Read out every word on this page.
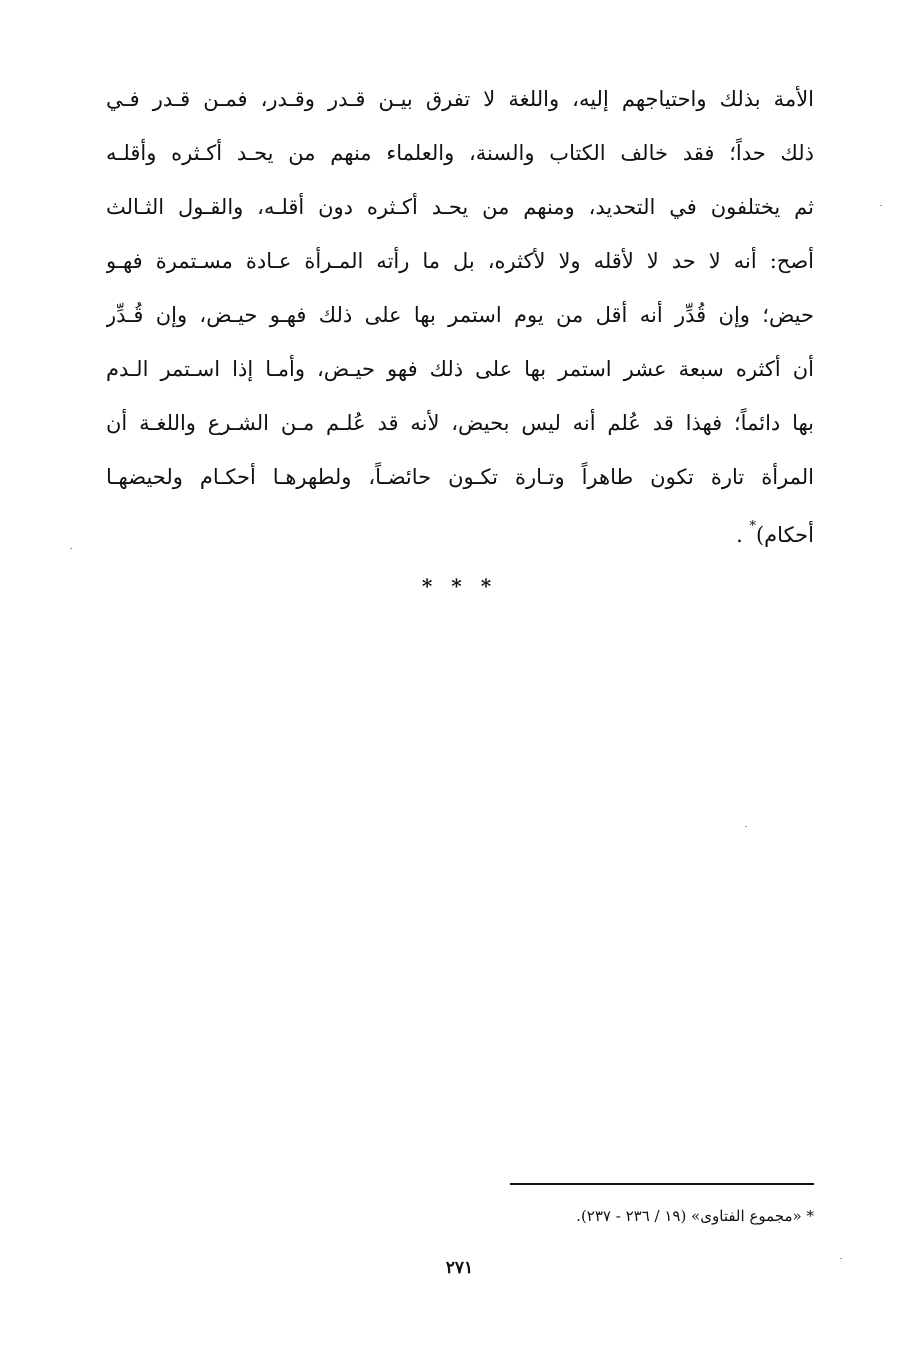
الأمة بذلك واحتياجهم إليه، واللغة لا تفرق بيـن قـدر وقـدر، فمـن قـدر فـي
ذلك حداً؛ فقد خالف الكتاب والسنة، والعلماء منهم من يحـد أكـثره وأقلـه
ثم يختلفون في التحديد، ومنهم من يحـد أكـثره دون أقلـه، والقـول الثـالث
أصح: أنه لا حد لا لأقله ولا لأكثره، بل ما رأته المـرأة عـادة مسـتمرة فهـو
حيض؛ وإن قُدِّر أنه أقل من يوم استمر بها على ذلك فهـو حيـض، وإن قُـدِّر
أن أكثره سبعة عشر استمر بها على ذلك فهو حيـض، وأمـا إذا اسـتمر الـدم
بها دائماً؛ فهذا قد عُلم أنه ليس بحيض، لأنه قد عُلـم مـن الشـرع واللغـة أن
المرأة تارة تكون طاهراً وتـارة تكـون حائضـاً، ولطهرهـا أحكـام ولحيضهـا
أحكام)* .
* * *
* «مجموع الفتاوى» (١٩ / ٢٣٦ - ٢٣٧).
٢٧١
